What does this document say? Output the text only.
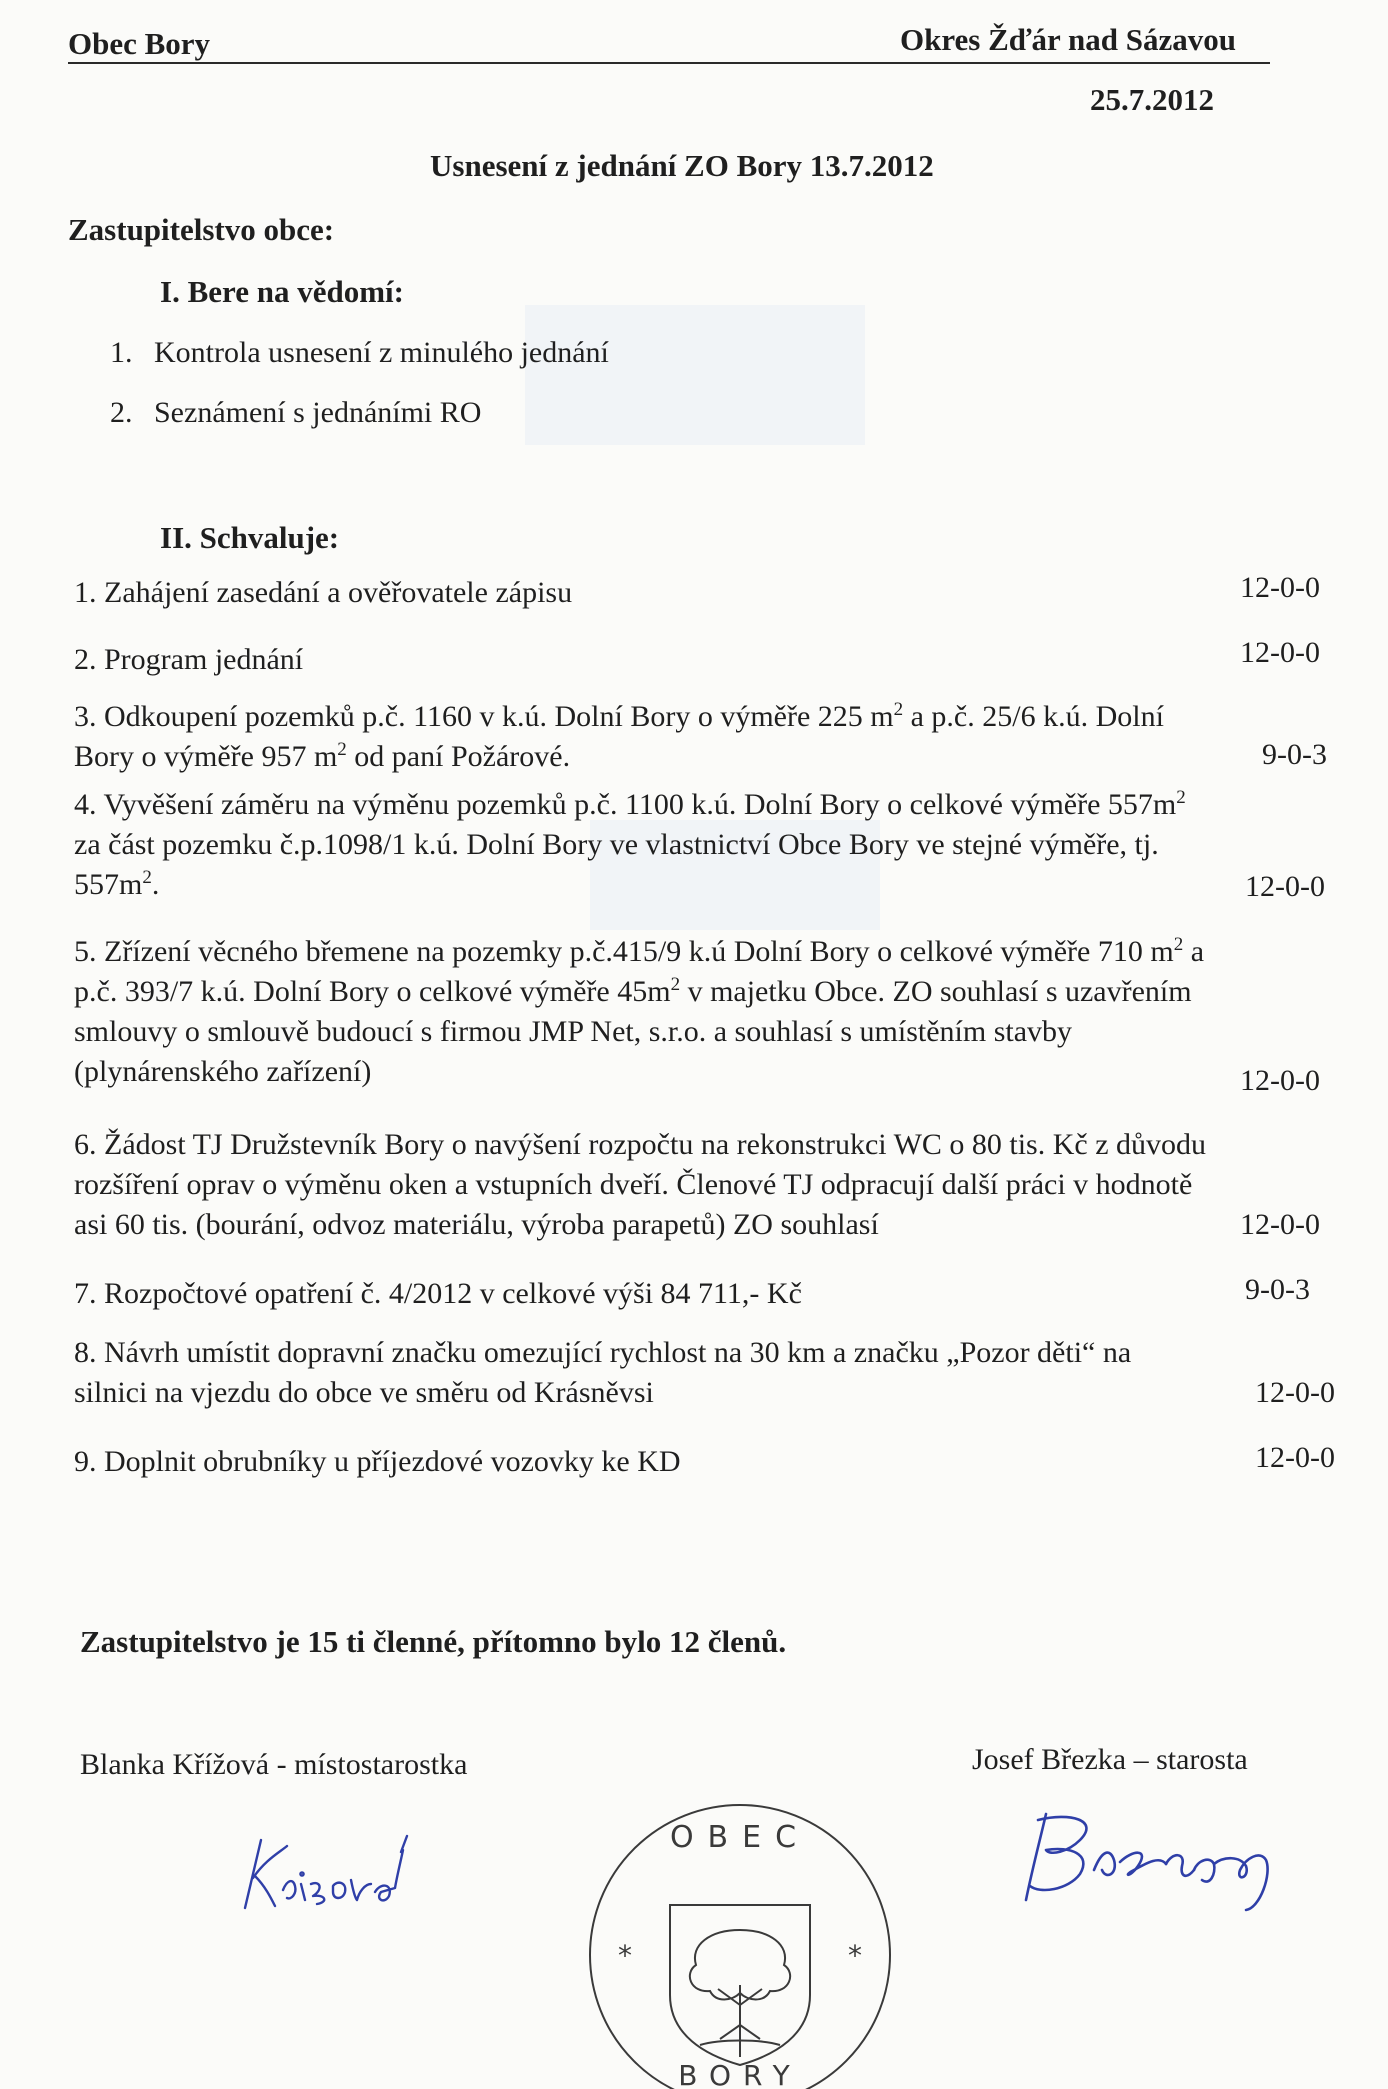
Obec Bory	Okres Žďár nad Sázavou
25.7.2012
Usnesení z jednání ZO Bory 13.7.2012
Zastupitelstvo obce:
I. Bere na vědomí:
1. Kontrola usnesení z minulého jednání
2. Seznámení s jednáními RO
II. Schvaluje:
1. Zahájení zasedání a ověřovatele zápisu	12-0-0
2. Program jednání	12-0-0
3. Odkoupení pozemků p.č. 1160 v k.ú. Dolní Bory o výměře 225 $m^2$ a p.č. 25/6 k.ú. Dolní
Bory o výměře 957 $m^2$ od paní Požárové.	9-0-3
4. Vyvěšení záměru na výměnu pozemků p.č. 1100 k.ú. Dolní Bory o celkové výměře $557m^2$
za část pozemku č.p.1098/1 k.ú. Dolní Bory ve vlastnictví Obce Bory ve stejné výměře, tj.
$557m^2$.	12-0-0
5. Zřízení věcného břemene na pozemky p.č.415/9 k.ú Dolní Bory o celkové výměře 710 $m^2$ a
p.č. 393/7 k.ú. Dolní Bory o celkové výměře $45m^2$ v majetku Obce. ZO souhlasí s uzavřením
smlouvy o smlouvě budoucí s firmou JMP Net, s.r.o. a souhlasí s umístěním stavby
(plynárenského zařízení)	12-0-0
6. Žádost TJ Družstevník Bory o navýšení rozpočtu na rekonstrukci WC o 80 tis. Kč z důvodu
rozšíření oprav o výměnu oken a vstupních dveří. Členové TJ odpracují další práci v hodnotě
asi 60 tis. (bourání, odvoz materiálu, výroba parapetů) ZO souhlasí	12-0-0
7. Rozpočtové opatření č. 4/2012 v celkové výši 84 711,- Kč	9-0-3
8. Návrh umístit dopravní značku omezující rychlost na 30 km a značku „Pozor děti“ na
silnici na vjezdu do obce ve směru od Krásněvsi	12-0-0
9. Doplnit obrubníky u příjezdové vozovky ke KD	12-0-0
Zastupitelstvo je 15 ti členné, přítomno bylo 12 členů.
Blanka Křížová - místostarostka	Josef Březka – starosta
OBEC
BORY
*	*
